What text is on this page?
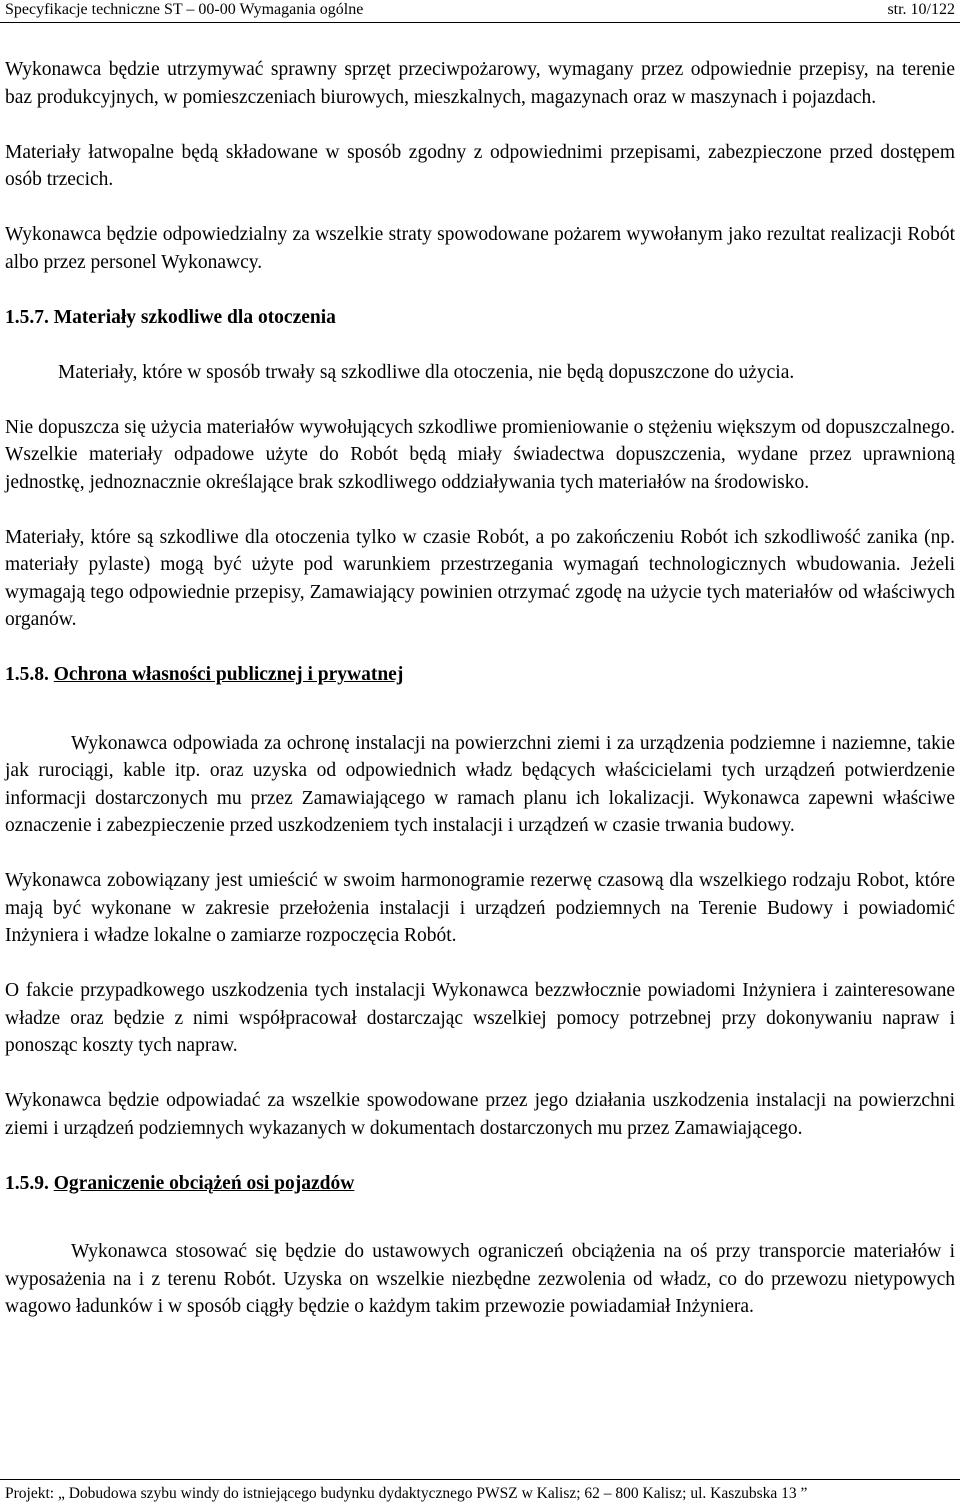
Specyfikacje techniczne ST – 00-00 Wymagania ogólne	str. 10/122

Wykonawca będzie utrzymywać sprawny sprzęt przeciwpożarowy, wymagany przez odpowiednie przepisy, na terenie baz produkcyjnych, w pomieszczeniach biurowych, mieszkalnych, magazynach oraz w maszynach i pojazdach.

Materiały łatwopalne będą składowane w sposób zgodny z odpowiednimi przepisami, zabezpieczone przed dostępem osób trzecich.

Wykonawca będzie odpowiedzialny za wszelkie straty spowodowane pożarem wywołanym jako rezultat realizacji Robót albo przez personel Wykonawcy.

1.5.7. Materiały szkodliwe dla otoczenia

Materiały, które w sposób trwały są szkodliwe dla otoczenia, nie będą dopuszczone do użycia.

Nie dopuszcza się użycia materiałów wywołujących szkodliwe promieniowanie o stężeniu większym od dopuszczalnego. Wszelkie materiały odpadowe użyte do Robót będą miały świadectwa dopuszczenia, wydane przez uprawnioną jednostkę, jednoznacznie określające brak szkodliwego oddziaływania tych materiałów na środowisko.

Materiały, które są szkodliwe dla otoczenia tylko w czasie Robót, a po zakończeniu Robót ich szkodliwość zanika (np. materiały pylaste) mogą być użyte pod warunkiem przestrzegania wymagań technologicznych wbudowania. Jeżeli wymagają tego odpowiednie przepisy, Zamawiający powinien otrzymać zgodę na użycie tych materiałów od właściwych organów.

1.5.8. Ochrona własności publicznej i prywatnej

Wykonawca odpowiada za ochronę instalacji na powierzchni ziemi i za urządzenia podziemne i naziemne, takie jak rurociągi, kable itp. oraz uzyska od odpowiednich władz będących właścicielami tych urządzeń potwierdzenie informacji dostarczonych mu przez Zamawiającego w ramach planu ich lokalizacji. Wykonawca zapewni właściwe oznaczenie i zabezpieczenie przed uszkodzeniem tych instalacji i urządzeń w czasie trwania budowy.

Wykonawca zobowiązany jest umieścić w swoim harmonogramie rezerwę czasową dla wszelkiego rodzaju Robot, które mają być wykonane w zakresie przełożenia instalacji i urządzeń podziemnych na Terenie Budowy i powiadomić Inżyniera i władze lokalne o zamiarze rozpoczęcia Robót.

O fakcie przypadkowego uszkodzenia tych instalacji Wykonawca bezzwłocznie powiadomi Inżyniera i zainteresowane władze oraz będzie z nimi współpracował dostarczając wszelkiej pomocy potrzebnej przy dokonywaniu napraw i ponosząc koszty tych napraw.

Wykonawca będzie odpowiadać za wszelkie spowodowane przez jego działania uszkodzenia instalacji na powierzchni ziemi i urządzeń podziemnych wykazanych w dokumentach dostarczonych mu przez Zamawiającego.

1.5.9. Ograniczenie obciążeń osi pojazdów

Wykonawca stosować się będzie do ustawowych ograniczeń obciążenia na oś przy transporcie materiałów i wyposażenia na i z terenu Robót. Uzyska on wszelkie niezbędne zezwolenia od władz, co do przewozu nietypowych wagowo ładunków i w sposób ciągły będzie o każdym takim przewozie powiadamiał Inżyniera.

Projekt: „ Dobudowa szybu windy do istniejącego budynku dydaktycznego PWSZ w Kalisz; 62 – 800 Kalisz; ul. Kaszubska 13 ”
